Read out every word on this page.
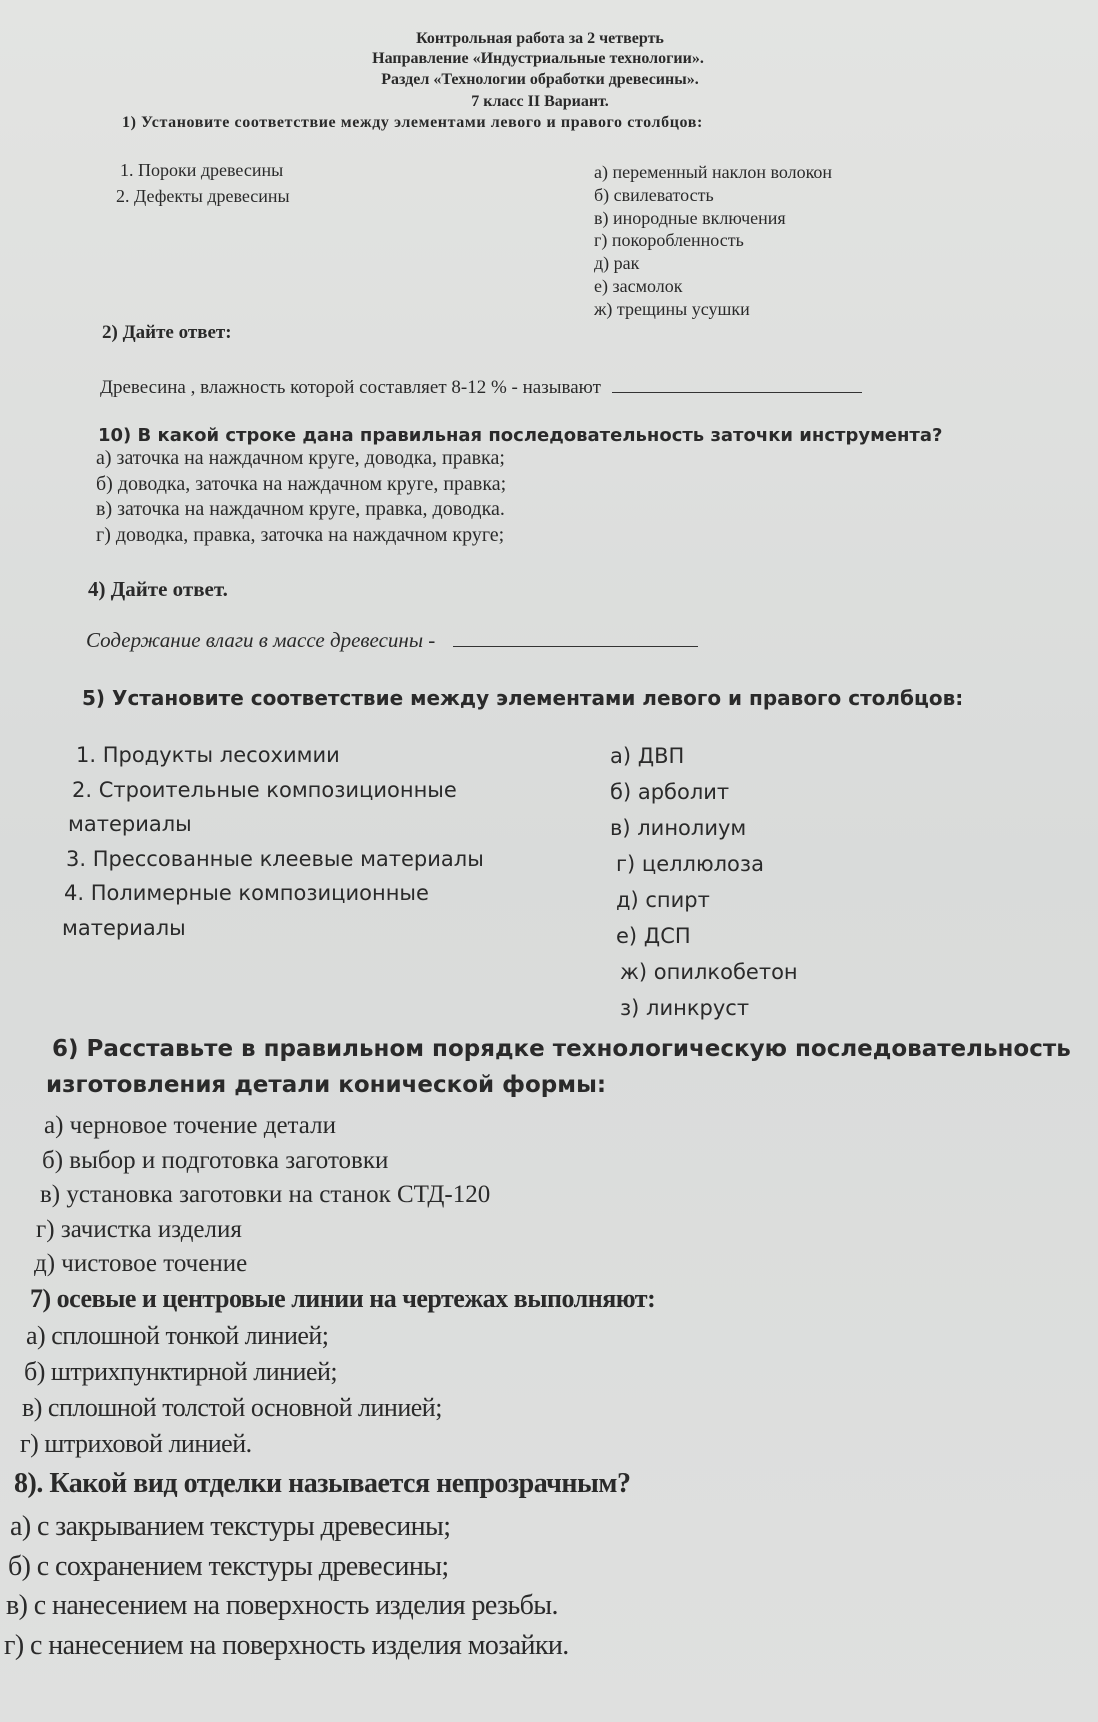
Контрольная работа за 2 четверть
Направление «Индустриальные технологии».
Раздел «Технологии обработки древесины».
7 класс II Вариант.
1) Установите соответствие между элементами левого и правого столбцов:
1. Пороки древесины
2. Дефекты древесины
а) переменный наклон волокон
б) свилеватость
в) инородные включения
г) покоробленность
д) рак
е) засмолок
ж) трещины усушки
2) Дайте ответ:
Древесина , влажность которой составляет 8-12 % - называют
10) В какой строке дана правильная последовательность заточки инструмента?
а) заточка на наждачном круге, доводка, правка;
б) доводка, заточка на наждачном круге, правка;
в) заточка на наждачном круге, правка, доводка.
г) доводка, правка, заточка на наждачном круге;
4) Дайте ответ.
Содержание влаги в массе древесины -
5) Установите соответствие между элементами левого и правого столбцов:
1. Продукты лесохимии
2. Строительные композиционные
материалы
3. Прессованные клеевые материалы
4. Полимерные композиционные
материалы
а) ДВП
б) арболит
в) линолиум
г) целлюлоза
д) спирт
е) ДСП
ж) опилкобетон
з) линкруст
6) Расставьте в правильном порядке технологическую последовательность
изготовления детали конической формы:
а) черновое точение детали
б) выбор и подготовка заготовки
в) установка заготовки на станок СТД-120
г) зачистка изделия
д) чистовое точение
7) осевые и центровые линии на чертежах выполняют:
а) сплошной тонкой линией;
б) штрихпунктирной линией;
в) сплошной толстой основной линией;
г) штриховой линией.
8). Какой вид отделки называется непрозрачным?
а) с закрыванием текстуры древесины;
б) с сохранением текстуры древесины;
в) с нанесением на поверхность изделия резьбы.
г) с нанесением на поверхность изделия мозайки.
